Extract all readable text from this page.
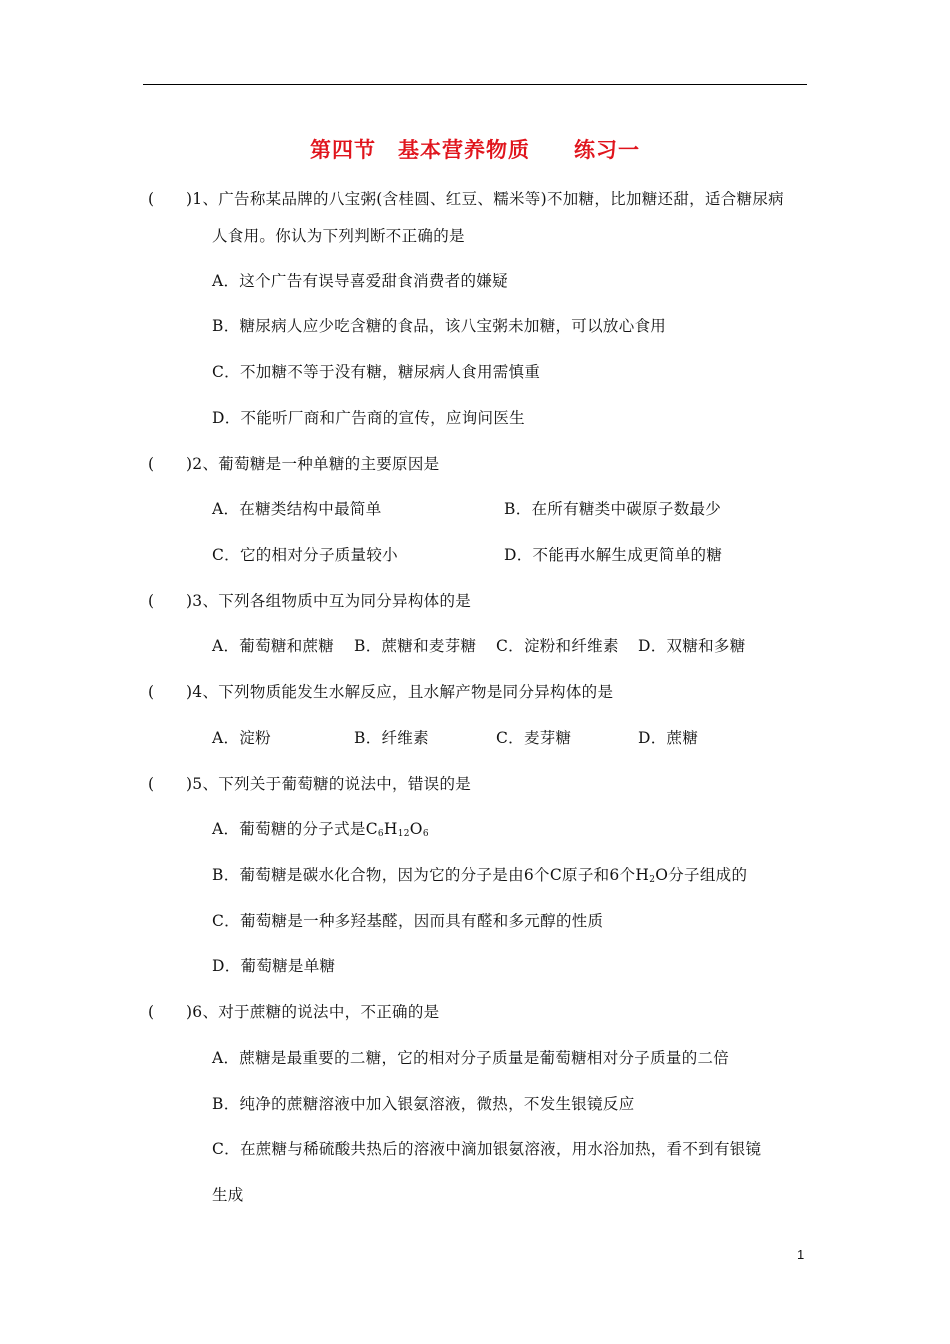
第四节　基本营养物质　　练习一
(　　)1、广告称某品牌的八宝粥(含桂圆、红豆、糯米等)不加糖，比加糖还甜，适合糖尿病
人食用。你认为下列判断不正确的是
A．这个广告有误导喜爱甜食消费者的嫌疑
B．糖尿病人应少吃含糖的食品，该八宝粥未加糖，可以放心食用
C．不加糖不等于没有糖，糖尿病人食用需慎重
D．不能听厂商和广告商的宣传，应询问医生
(　　)2、葡萄糖是一种单糖的主要原因是
A．在糖类结构中最简单	B．在所有糖类中碳原子数最少
C．它的相对分子质量较小	D．不能再水解生成更简单的糖
(　　)3、下列各组物质中互为同分异构体的是
A．葡萄糖和蔗糖 B．蔗糖和麦芽糖 C．淀粉和纤维素 D．双糖和多糖
(　　)4、下列物质能发生水解反应，且水解产物是同分异构体的是
A．淀粉	B．纤维素	C．麦芽糖	D．蔗糖
(　　)5、下列关于葡萄糖的说法中，错误的是
A．葡萄糖的分子式是$C_6H_{12}O_6$
B．葡萄糖是碳水化合物，因为它的分子是由6个C原子和6个$H_2O$分子组成的
C．葡萄糖是一种多羟基醛，因而具有醛和多元醇的性质
D．葡萄糖是单糖
(　　)6、对于蔗糖的说法中，不正确的是
A．蔗糖是最重要的二糖，它的相对分子质量是葡萄糖相对分子质量的二倍
B．纯净的蔗糖溶液中加入银氨溶液，微热，不发生银镜反应
C．在蔗糖与稀硫酸共热后的溶液中滴加银氨溶液，用水浴加热，看不到有银镜
生成
1
